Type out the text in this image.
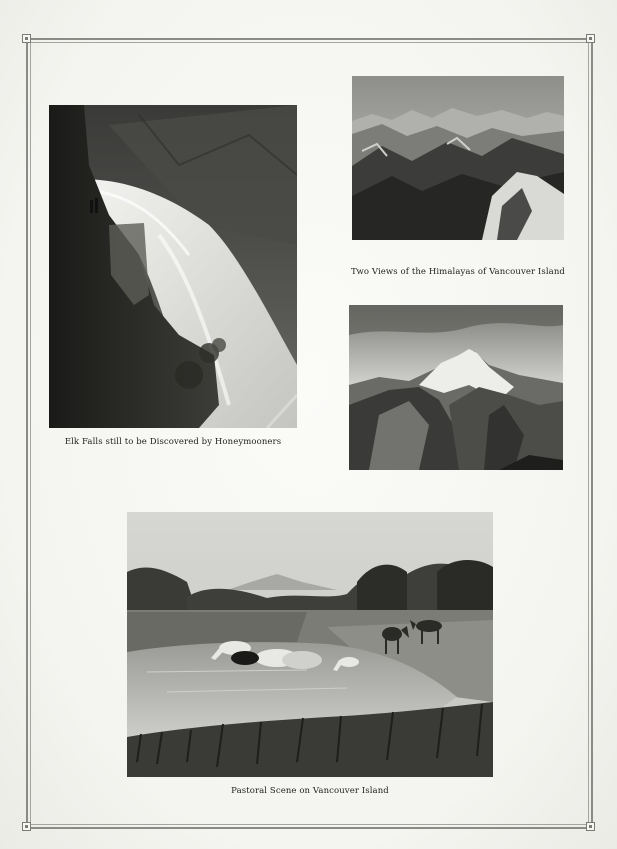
Elk Falls still to be Discovered by Honeymooners
Two Views of the Himalayas of Vancouver Island
Pastoral Scene on Vancouver Island
